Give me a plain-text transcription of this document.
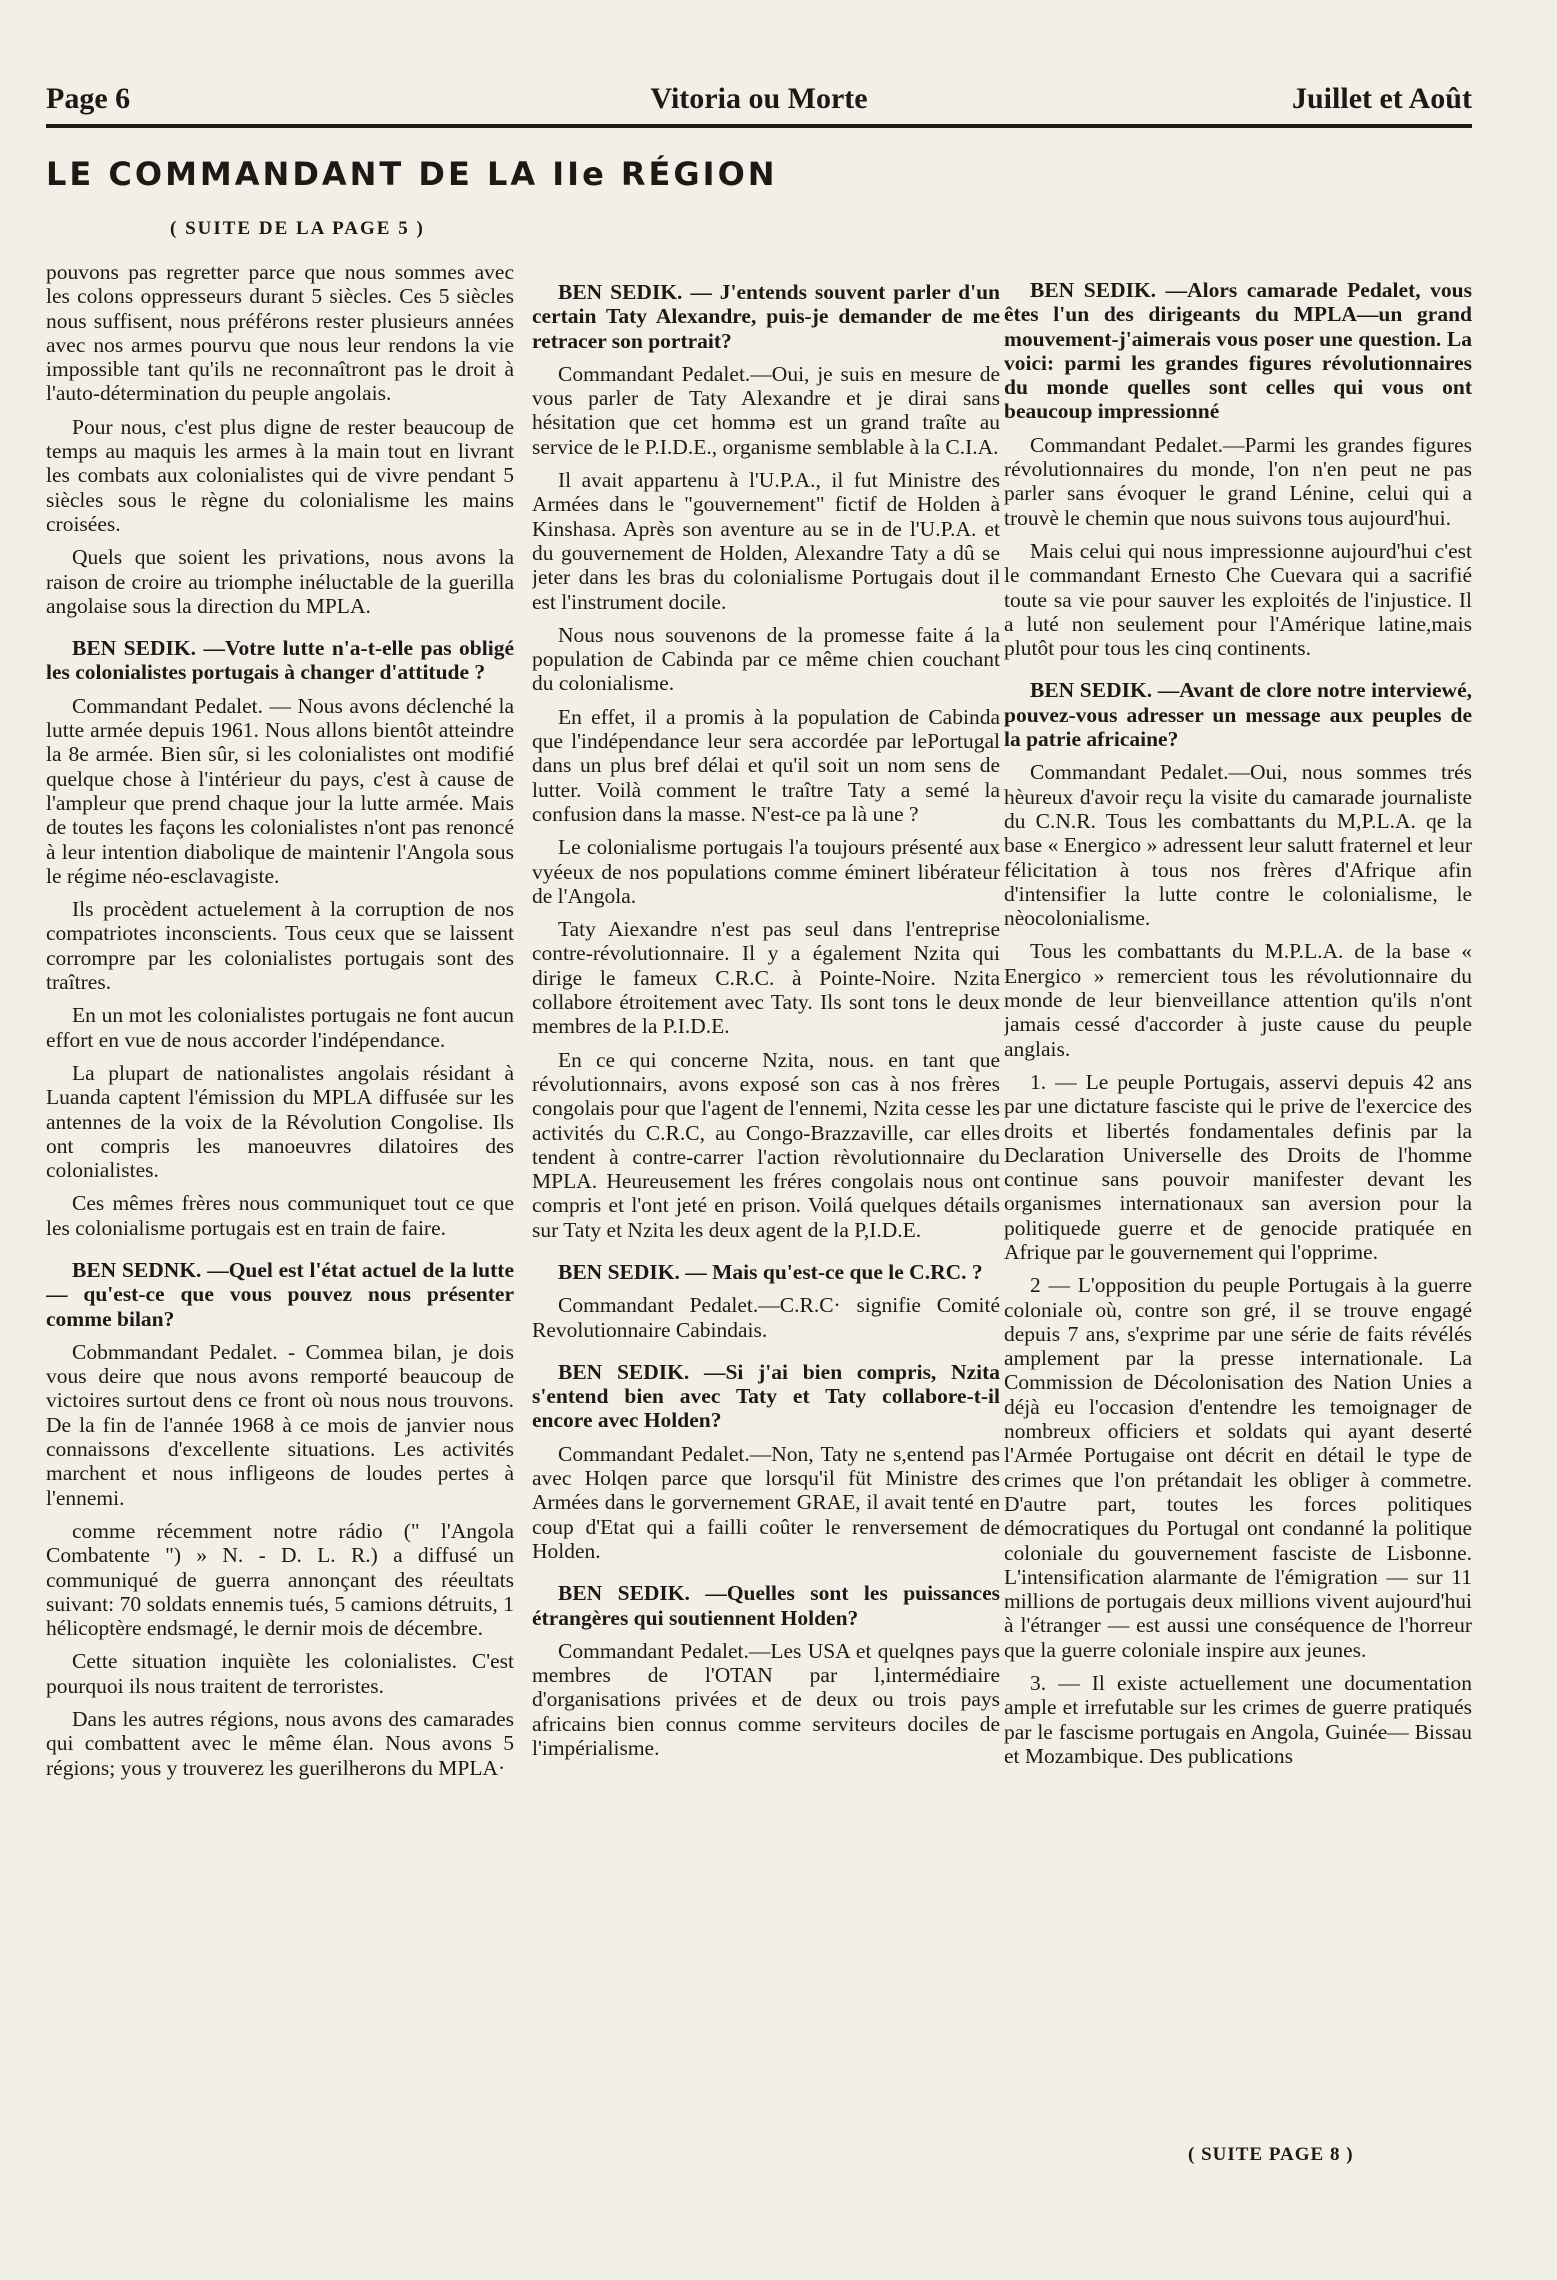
Page 6	Vitoria ou Morte	Juillet et Août
LE COMMANDANT DE LA IIe RÉGION
( SUITE DE LA PAGE 5 )

pouvons pas regretter parce que nous sommes avec les colons oppresseurs durant 5 siècles. Ces 5 siècles nous suffisent, nous préférons rester plusieurs années avec nos armes pourvu que nous leur rendons la vie impossible tant qu'ils ne reconnaîtront pas le droit à l'auto-détermination du peuple angolais.

Pour nous, c'est plus digne de rester beaucoup de temps au maquis les armes à la main tout en livrant les combats aux colonialistes qui de vivre pendant 5 siècles sous le règne du colonialisme les mains croisées.

Quels que soient les privations, nous avons la raison de croire au triomphe inéluctable de la guerilla angolaise sous la direction du MPLA.

BEN SEDIK. —Votre lutte n'a-t-elle pas obligé les colonialistes portugais à changer d'attitude ?

Commandant Pedalet. — Nous avons déclenché la lutte armée depuis 1961. Nous allons bientôt atteindre la 8e armée. Bien sûr, si les colonialistes ont modifié quelque chose à l'intérieur du pays, c'est à cause de l'ampleur que prend chaque jour la lutte armée. Mais de toutes les façons les colonialistes n'ont pas renoncé à leur intention diabolique de maintenir l'Angola sous le régime néo-esclavagiste.

Ils procèdent actuelement à la corruption de nos compatriotes inconscients. Tous ceux que se laissent corrompre par les colonialistes portugais sont des traîtres.

En un mot les colonialistes portugais ne font aucun effort en vue de nous accorder l'indépendance.

La plupart de nationalistes angolais résidant à Luanda captent l'émission du MPLA diffusée sur les antennes de la voix de la Révolution Congolise. Ils ont compris les manoeuvres dilatoires des colonialistes.

Ces mêmes frères nous communiquet tout ce que les colonialisme portugais est en train de faire.

BEN SEDNK. —Quel est l'état actuel de la lutte — qu'est-ce que vous pouvez nous présenter comme bilan?

Cobmmandant Pedalet. - Commea bilan, je dois vous deire que nous avons remporté beaucoup de victoires surtout dens ce front où nous nous trouvons. De la fin de l'année 1968 à ce mois de janvier nous connaissons d'excellente situations. Les activités marchent et nous infligeons de loudes pertes à l'ennemi.

comme récemment notre rádio (" l'Angola Combatente ") » N. - D. L. R.) a diffusé un communiqué de guerra annonçant des réeultats suivant: 70 soldats ennemis tués, 5 camions détruits, 1 hélicoptère endsmagé, le dernir mois de décembre.

Cette situation inquiète les colonialistes. C'est pourquoi ils nous traitent de terroristes.

Dans les autres régions, nous avons des camarades qui combattent avec le même élan. Nous avons 5 régions; yous y trouverez les guerilherons du MPLA·

BEN SEDIK. — J'entends souvent parler d'un certain Taty Alexandre, puis-je demander de me retracer son portrait?

Commandant Pedalet.—Oui, je suis en mesure de vous parler de Taty Alexandre et je dirai sans hésitation que cet hommə est un grand traîte au service de le P.I.D.E., organisme semblable à la C.I.A.

Il avait appartenu à l'U.P.A., il fut Ministre des Armées dans le "gouvernement" fictif de Holden à Kinshasa. Après son aventure au se in de l'U.P.A. et du gouvernement de Holden, Alexandre Taty a dû se jeter dans les bras du colonialisme Portugais dout il est l'instrument docile.

Nous nous souvenons de la promesse faite á la population de Cabinda par ce même chien couchant du colonialisme.

En effet, il a promis à la population de Cabinda que l'indépendance leur sera accordée par lePortugal dans un plus bref délai et qu'il soit un nom sens de lutter. Voilà comment le traître Taty a semé la confusion dans la masse. N'est-ce pa là une ?

Le colonialisme portugais l'a toujours présenté aux vyéeux de nos populations comme éminert libérateur de l'Angola.

Taty Aiexandre n'est pas seul dans l'entreprise contre-révolutionnaire. Il y a également Nzita qui dirige le fameux C.R.C. à Pointe-Noire. Nzita collabore étroitement avec Taty. Ils sont tons le deux membres de la P.I.D.E.

En ce qui concerne Nzita, nous. en tant que révolutionnairs, avons exposé son cas à nos frères congolais pour que l'agent de l'ennemi, Nzita cesse les activités du C.R.C, au Congo-Brazzaville, car elles tendent à contre-carrer l'action rèvolutionnaire du MPLA. Heureusement les fréres congolais nous ont compris et l'ont jeté en prison. Voilá quelques détails sur Taty et Nzita les deux agent de la P,I.D.E.

BEN SEDIK. — Mais qu'est-ce que le C.RC. ?

Commandant Pedalet.—C.R.C· signifie Comité Revolutionnaire Cabindais.

BEN SEDIK. —Si j'ai bien compris, Nzita s'entend bien avec Taty et Taty collabore-t-il encore avec Holden?

Commandant Pedalet.—Non, Taty ne s,entend pas avec Holqen parce que lorsqu'il füt Ministre des Armées dans le gorvernement GRAE, il avait tenté en coup d'Etat qui a failli coûter le renversement de Holden.

BEN SEDIK. —Quelles sont les puissances étrangères qui soutiennent Holden?

Commandant Pedalet.—Les USA et quelqnes pays membres de l'OTAN par l,intermédiaire d'organisations privées et de deux ou trois pays africains bien connus comme serviteurs dociles de l'impérialisme.

BEN SEDIK. —Alors camarade Pedalet, vous êtes l'un des dirigeants du MPLA—un grand mouvement-j'aimerais vous poser une question. La voici: parmi les grandes figures révolutionnaires du monde quelles sont celles qui vous ont beaucoup impressionné

Commandant Pedalet.—Parmi les grandes figures révolutionnaires du monde, l'on n'en peut ne pas parler sans évoquer le grand Lénine, celui qui a trouvè le chemin que nous suivons tous aujourd'hui.

Mais celui qui nous impressionne aujourd'hui c'est le commandant Ernesto Che Cuevara qui a sacrifié toute sa vie pour sauver les exploités de l'injustice. Il a luté non seulement pour l'Amérique latine,mais plutôt pour tous les cinq continents.

BEN SEDIK. —Avant de clore notre interviewé, pouvez-vous adresser un message aux peuples de la patrie africaine?

Commandant Pedalet.—Oui, nous sommes trés hèureux d'avoir reçu la visite du camarade journaliste du C.N.R. Tous les combattants du M,P.L.A. qe la base « Energico » adressent leur salutt fraternel et leur félicitation à tous nos frères d'Afrique afin d'intensifier la lutte contre le colonialisme, le nèocolonialisme.

Tous les combattants du M.P.L.A. de la base « Energico » remercient tous les révolutionnaire du monde de leur bienveillance attention qu'ils n'ont jamais cessé d'accorder à juste cause du peuple anglais.

1. — Le peuple Portugais, asservi depuis 42 ans par une dictature fasciste qui le prive de l'exercice des droits et libertés fondamentales definis par la Declaration Universelle des Droits de l'homme continue sans pouvoir manifester devant les organismes internationaux san aversion pour la politiquede guerre et de genocide pratiquée en Afrique par le gouvernement qui l'opprime.

2 — L'opposition du peuple Portugais à la guerre coloniale où, contre son gré, il se trouve engagé depuis 7 ans, s'exprime par une série de faits révélés amplement par la presse internationale. La Commission de Décolonisation des Nation Unies a déjà eu l'occasion d'entendre les temoignager de nombreux officiers et soldats qui ayant deserté l'Armée Portugaise ont décrit en détail le type de crimes que l'on prétandait les obliger à commetre. D'autre part, toutes les forces politiques démocratiques du Portugal ont condanné la politique coloniale du gouvernement fasciste de Lisbonne. L'intensification alarmante de l'émigration — sur 11 millions de portugais deux millions vivent aujourd'hui à l'étranger — est aussi une conséquence de l'horreur que la guerre coloniale inspire aux jeunes.

3. — Il existe actuellement une documentation ample et irrefutable sur les crimes de guerre pratiqués par le fascisme portugais en Angola, Guinée— Bissau et Mozambique. Des publications

( SUITE PAGE 8 )
